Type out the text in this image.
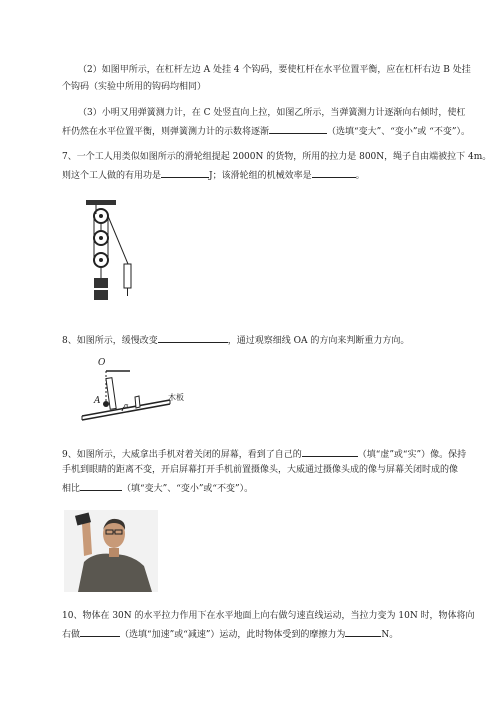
（2）如图甲所示，在杠杆左边 A 处挂 4 个钩码，要使杠杆在水平位置平衡，应在杠杆右边 B 处挂
个钩码（实验中所用的钩码均相同）
（3）小明又用弹簧测力计，在 C 处竖直向上拉，如图乙所示，当弹簧测力计逐渐向右倾时，使杠
杆仍然在水平位置平衡，则弹簧测力计的示数将逐渐	（选填“变大”、“变小”或 “不变”）。
7、一个工人用类似如图所示的滑轮组提起 2000N 的货物，所用的拉力是 800N，绳子自由端被拉下 4m。
则这个工人做的有用功是	J；该滑轮组的机械效率是	。
8、如图所示，缓慢改变	，通过观察细线 OA 的方向来判断重力方向。
O
A	α
木板
9、如图所示，大威拿出手机对着关闭的屏幕，看到了自己的	（填“虚”或“实”）像。保持
手机到眼睛的距离不变，开启屏幕打开手机前置摄像头，大威通过摄像头成的像与屏幕关闭时成的像
相比	（填“变大”、“变小”或“不变”）。
10、物体在 30N 的水平拉力作用下在水平地面上向右做匀速直线运动，当拉力变为 10N 时，物体将向
右做	（选填“加速”或“减速”）运动，此时物体受到的摩擦力为	N。
